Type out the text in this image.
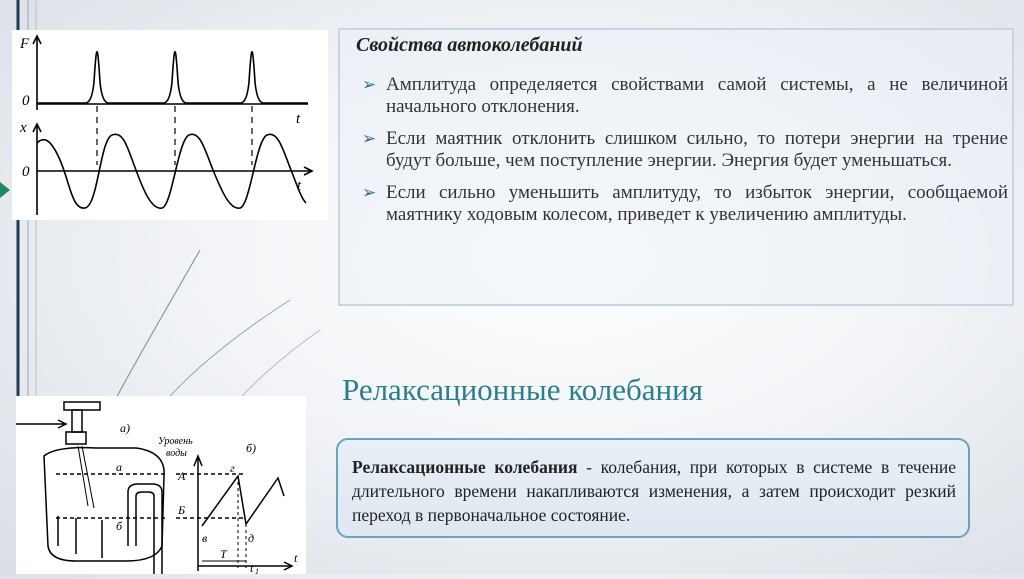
F
0
t
x
0
t
а)
б)
Уровень
воды
а
б
А
Б
г
в	д
t
T
t 1
Свойства автоколебаний
➢ Амплитуда определяется свойствами самой системы, а не величиной начального отклонения.
➢ Если маятник отклонить слишком сильно, то потери энергии на трение будут больше, чем поступление энергии. Энергия будет уменьшаться.
➢ Если сильно уменьшить амплитуду, то избыток энергии, сообщаемой маятнику ходовым колесом, приведет к увеличению амплитуды.
Релаксационные колебания

Релаксационные колебания - колебания, при которых в системе в течение длительного времени накапливаются изменения, а затем происходит резкий переход в первоначальное состояние.
